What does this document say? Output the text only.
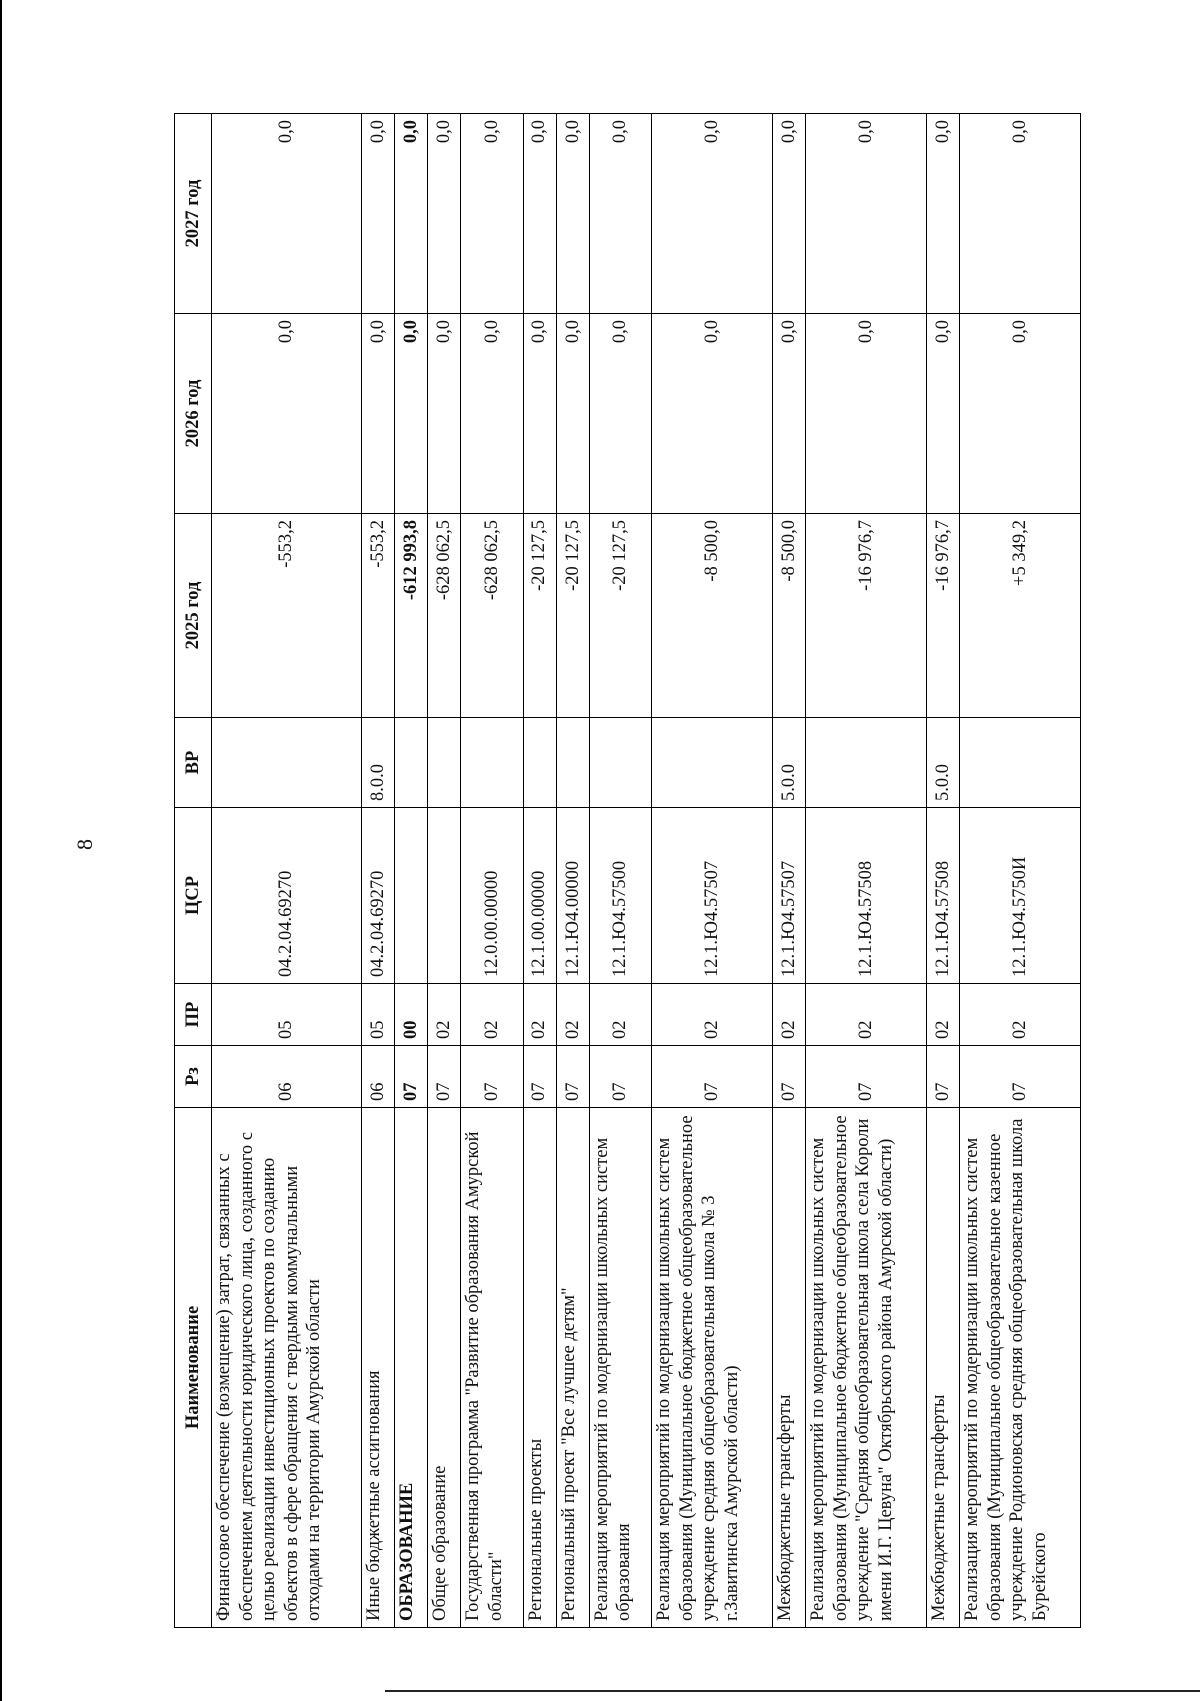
8
Наименование	Рз	ПР	ЦСР	ВР	2025 год	2026 год	2027 год
Финансовое обеспечение (возмещение) затрат, связанных с обеспечением деятельности юридического лица, созданного с целью реализации инвестиционных проектов по созданию объектов в сфере обращения с твердыми коммунальными отходами на территории Амурской области	06	05	04.2.04.69270		-553,2	0,0	0,0
Иные бюджетные ассигнования	06	05	04.2.04.69270	8.0.0	-553,2	0,0	0,0
ОБРАЗОВАНИЕ	07	00			-612 993,8	0,0	0,0
Общее образование	07	02			-628 062,5	0,0	0,0
Государственная программа "Развитие образования Амурской области"	07	02	12.0.00.00000		-628 062,5	0,0	0,0
Региональные проекты	07	02	12.1.00.00000		-20 127,5	0,0	0,0
Региональный проект "Все лучшее детям"	07	02	12.1.Ю4.00000		-20 127,5	0,0	0,0
Реализация мероприятий по модернизации школьных систем образования	07	02	12.1.Ю4.57500		-20 127,5	0,0	0,0
Реализация мероприятий по модернизации школьных систем образования (Муниципальное бюджетное общеобразовательное учреждение средняя общеобразовательная школа № 3 г.Завитинска Амурской области)	07	02	12.1.Ю4.57507		-8 500,0	0,0	0,0
Межбюджетные трансферты	07	02	12.1.Ю4.57507	5.0.0	-8 500,0	0,0	0,0
Реализация мероприятий по модернизации школьных систем образования (Муниципальное бюджетное общеобразовательное учреждение "Средняя общеобразовательная школа села Короли имени И.Г. Цевуна" Октябрьского района Амурской области)	07	02	12.1.Ю4.57508		-16 976,7	0,0	0,0
Межбюджетные трансферты	07	02	12.1.Ю4.57508	5.0.0	-16 976,7	0,0	0,0
Реализация мероприятий по модернизации школьных систем образования (Муниципальное общеобразовательное казенное учреждение Родионовская средняя общеобразовательная школа Бурейского	07	02	12.1.Ю4.5750И		+5 349,2	0,0	0,0
